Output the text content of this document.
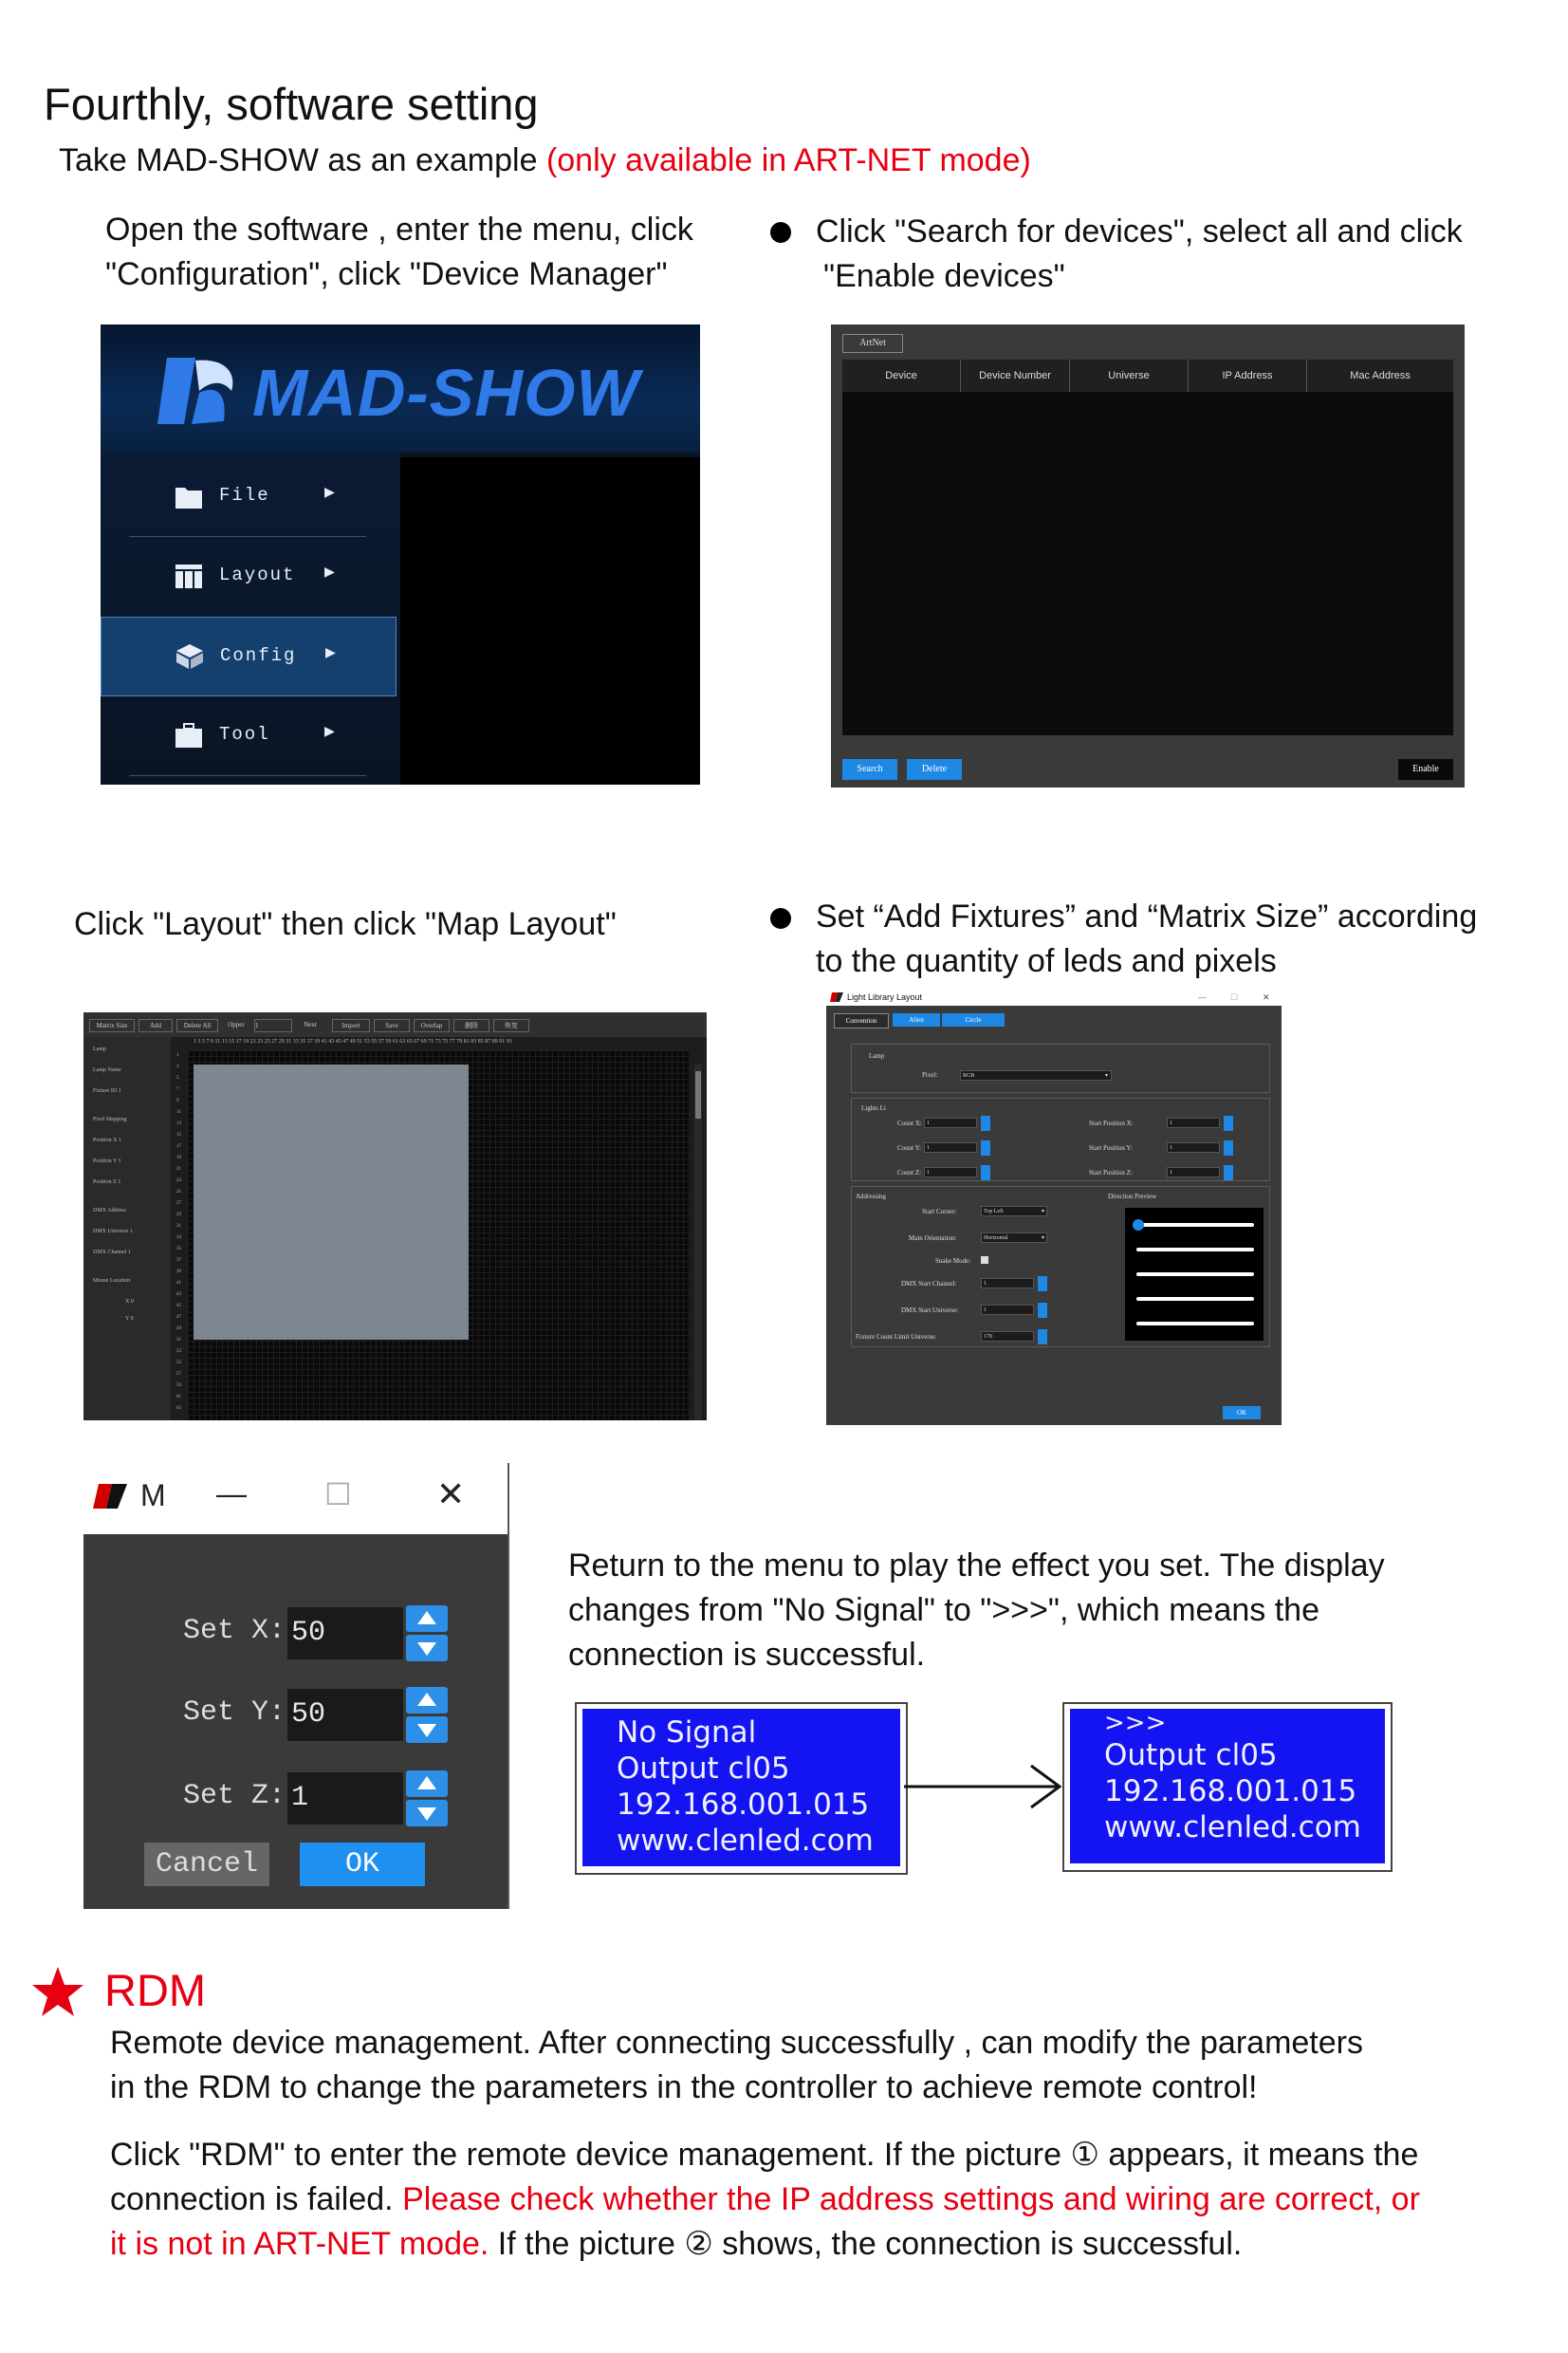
Fourthly, software setting
Take MAD-SHOW as an example (only available in ART-NET mode)
Open the software , enter the menu, click
"Configuration", click "Device Manager"
Click "Search for devices", select all and click
"Enable devices"
MAD-SHOW
File	▶
Layout ▶
Config ▶
Tool	▶
ArtNet
Device	Device Number	Universe	IP Address	Mac Address
Search	Delete	Enable
Click "Layout" then click "Map Layout"	Set “Add Fixtures” and “Matrix Size” according
to the quantity of leds and pixels
Matrix Size	Add	Delete All	Opper	1	Next	Import	Save	Overlap	删除	恢复
Lamp
Lamp Name
Fixture ID 1
Pixel Mapping
Position X 1
Position Y 1
Position Z 1
DMX Address
DMX Universe 1
DMX Channel 1
Mouse Location
X 0
Y 0
1 3 5 7 9 11 13 15 17 19 21 23 25 27 29 31 33 35 37 39 41 43 45 47 49 51 53 55 57 59 61 63 65 67 69 71 73 75 77 79 81 83 85 87 89 91 93
1
3
5
7
9
11
13
15
17
19
21
23
25
27
29
31
33
35
37
39
41
43
45
47
49
51
53
55
57
59
61
63
Light Library Layout	—	☐	✕
Convention	Alien	Circle
Lamp
Pixel:	RGB	▾
Lights Li
Count X: 1
Count Y:	1
Count Z: 1
Start Position X:	1
Start Position Y:	1
Start Position Z:	1
Addressing	Direction Preview
Start Corner:	Top Left	▾
Main Orientation:	Horizontal	▾
Snake Mode:
DMX Start Channel:	1
DMX Start Universe:	1
Fixture Count Limit Universe:	170
OK
M —	☐ ✕
Set X: 50
Set Y: 50
Set Z: 1
Cancel	OK
Return to the menu to play the effect you set. The display
changes from "No Signal" to ">>>", which means the
connection is successful.
No Signal
Output cl05
192.168.001.015
www.clenled.com
>>>
Output cl05
192.168.001.015
www.clenled.com
RDM
Remote device management. After connecting successfully , can modify the parameters
in the RDM to change the parameters in the controller to achieve remote control!
Click "RDM" to enter the remote device management. If the picture ① appears, it means the
connection is failed. Please check whether the IP address settings and wiring are correct, or
it is not in ART-NET mode. If the picture ② shows, the connection is successful.
